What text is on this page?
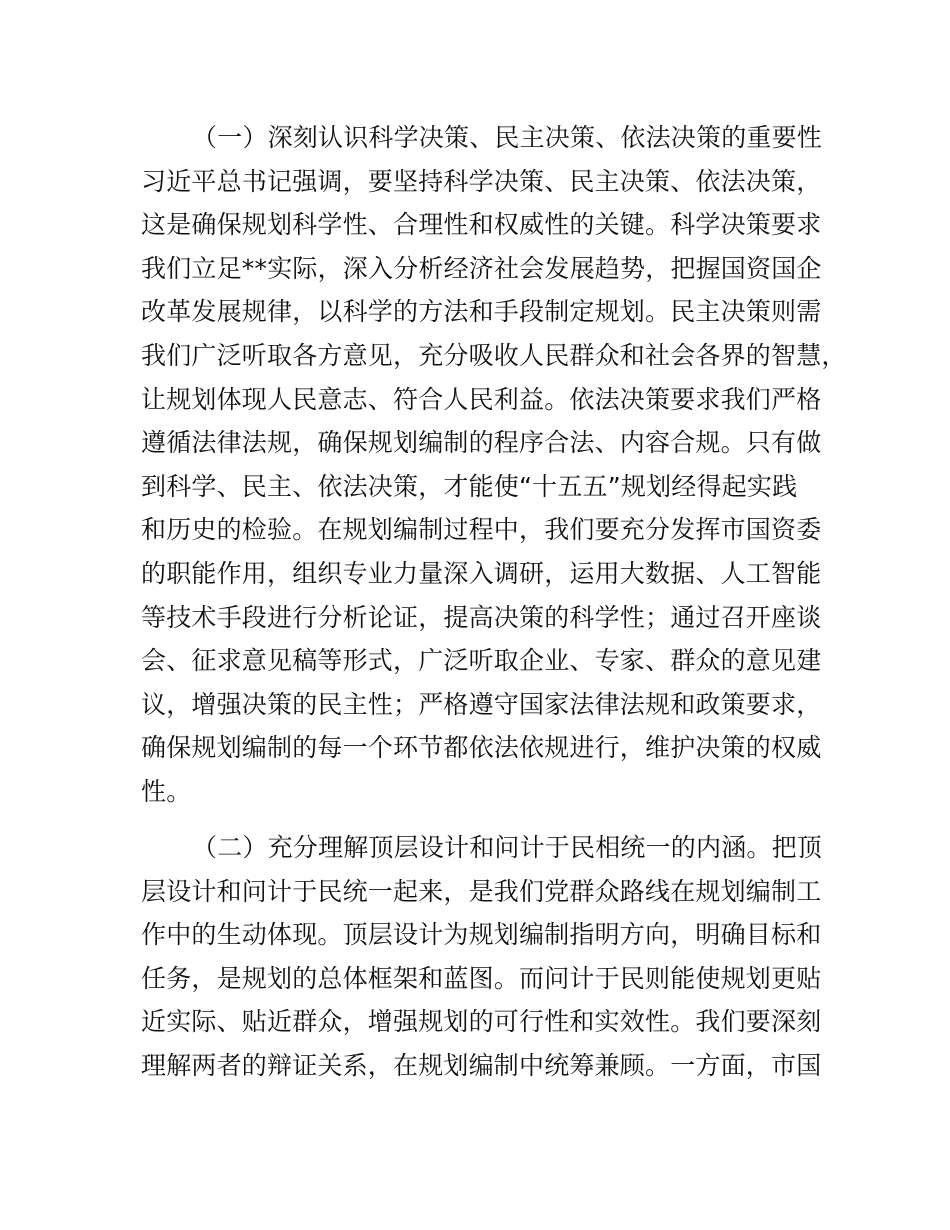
（一）深刻认识科学决策、民主决策、依法决策的重要性
习近平总书记强调，要坚持科学决策、民主决策、依法决策，
这是确保规划科学性、合理性和权威性的关键。科学决策要求
我们立足**实际，深入分析经济社会发展趋势，把握国资国企
改革发展规律，以科学的方法和手段制定规划。民主决策则需
我们广泛听取各方意见，充分吸收人民群众和社会各界的智慧，
让规划体现人民意志、符合人民利益。依法决策要求我们严格
遵循法律法规，确保规划编制的程序合法、内容合规。只有做
到科学、民主、依法决策，才能使“十五五”规划经得起实践
和历史的检验。在规划编制过程中，我们要充分发挥市国资委
的职能作用，组织专业力量深入调研，运用大数据、人工智能
等技术手段进行分析论证，提高决策的科学性；通过召开座谈
会、征求意见稿等形式，广泛听取企业、专家、群众的意见建
议，增强决策的民主性；严格遵守国家法律法规和政策要求，
确保规划编制的每一个环节都依法依规进行，维护决策的权威
性。
（二）充分理解顶层设计和问计于民相统一的内涵。把顶
层设计和问计于民统一起来，是我们党群众路线在规划编制工
作中的生动体现。顶层设计为规划编制指明方向，明确目标和
任务，是规划的总体框架和蓝图。而问计于民则能使规划更贴
近实际、贴近群众，增强规划的可行性和实效性。我们要深刻
理解两者的辩证关系，在规划编制中统筹兼顾。一方面，市国
